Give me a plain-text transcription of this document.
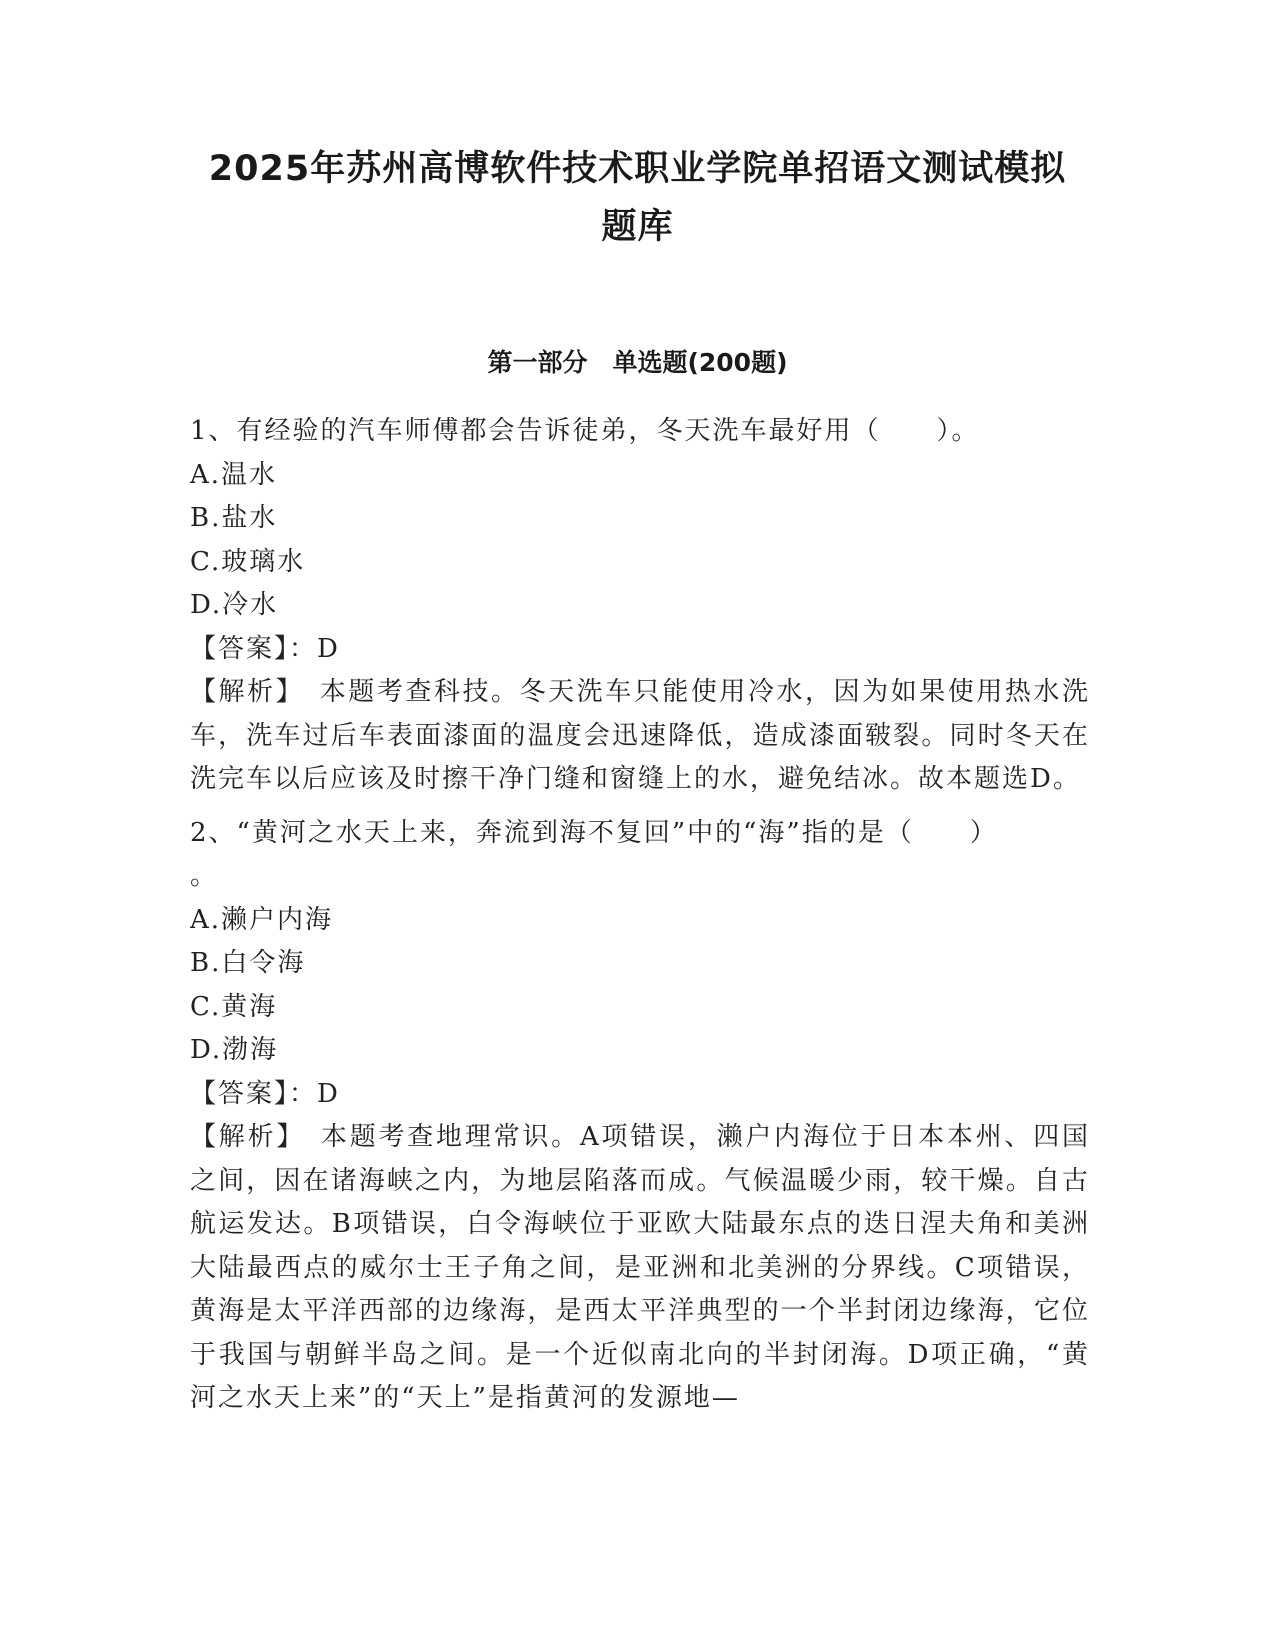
2025年苏州高博软件技术职业学院单招语文测试模拟
题库
第一部分　单选题(200题)
1、有经验的汽车师傅都会告诉徒弟，冬天洗车最好用（　　）。
A.温水
B.盐水
C.玻璃水
D.冷水
【答案】：D
【解析】　本题考查科技。冬天洗车只能使用冷水，因为如果使用热水洗车，洗车过后车表面漆面的温度会迅速降低，造成漆面皲裂。同时冬天在洗完车以后应该及时擦干净门缝和窗缝上的水，避免结冰。故本题选D。
2、“黄河之水天上来，奔流到海不复回”中的“海”指的是（　　）
。
A.濑户内海
B.白令海
C.黄海
D.渤海
【答案】：D
【解析】　本题考查地理常识。A项错误，濑户内海位于日本本州、四国之间，因在诸海峡之内，为地层陷落而成。气候温暖少雨，较干燥。自古航运发达。B项错误，白令海峡位于亚欧大陆最东点的迭日涅夫角和美洲大陆最西点的威尔士王子角之间，是亚洲和北美洲的分界线。C项错误，黄海是太平洋西部的边缘海，是西太平洋典型的一个半封闭边缘海，它位于我国与朝鲜半岛之间。是一个近似南北向的半封闭海。D项正确，“黄河之水天上来”的“天上”是指黄河的发源地—
